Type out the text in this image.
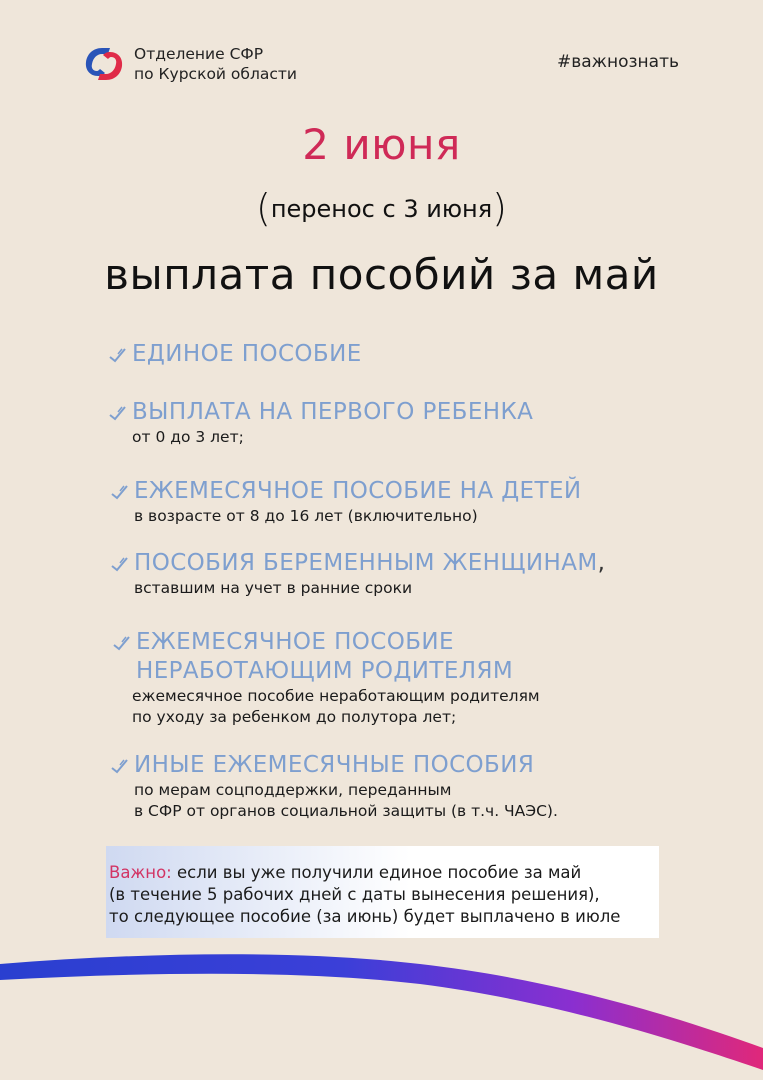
Отделение СФР
по Курской области
#важнознать
2 июня
(перенос с 3 июня)
выплата пособий за май
ЕДИНОЕ ПОСОБИЕ
ВЫПЛАТА НА ПЕРВОГО РЕБЕНКА
от 0 до 3 лет;
ЕЖЕМЕСЯЧНОЕ ПОСОБИЕ НА ДЕТЕЙ
в возрасте от 8 до 16 лет (включительно)
ПОСОБИЯ БЕРЕМЕННЫМ ЖЕНЩИНАМ ,
вставшим на учет в ранние сроки
ЕЖЕМЕСЯЧНОЕ ПОСОБИЕ
НЕРАБОТАЮЩИМ РОДИТЕЛЯМ
ежемесячное пособие неработающим родителям
по уходу за ребенком до полутора лет;
ИНЫЕ ЕЖЕМЕСЯЧНЫЕ ПОСОБИЯ
по мерам соцподдержки, переданным
в СФР от органов социальной защиты (в т.ч. ЧАЭС).
Важно: если вы уже получили единое пособие за май
(в течение 5 рабочих дней с даты вынесения решения),
то следующее пособие (за июнь) будет выплачено в июле
